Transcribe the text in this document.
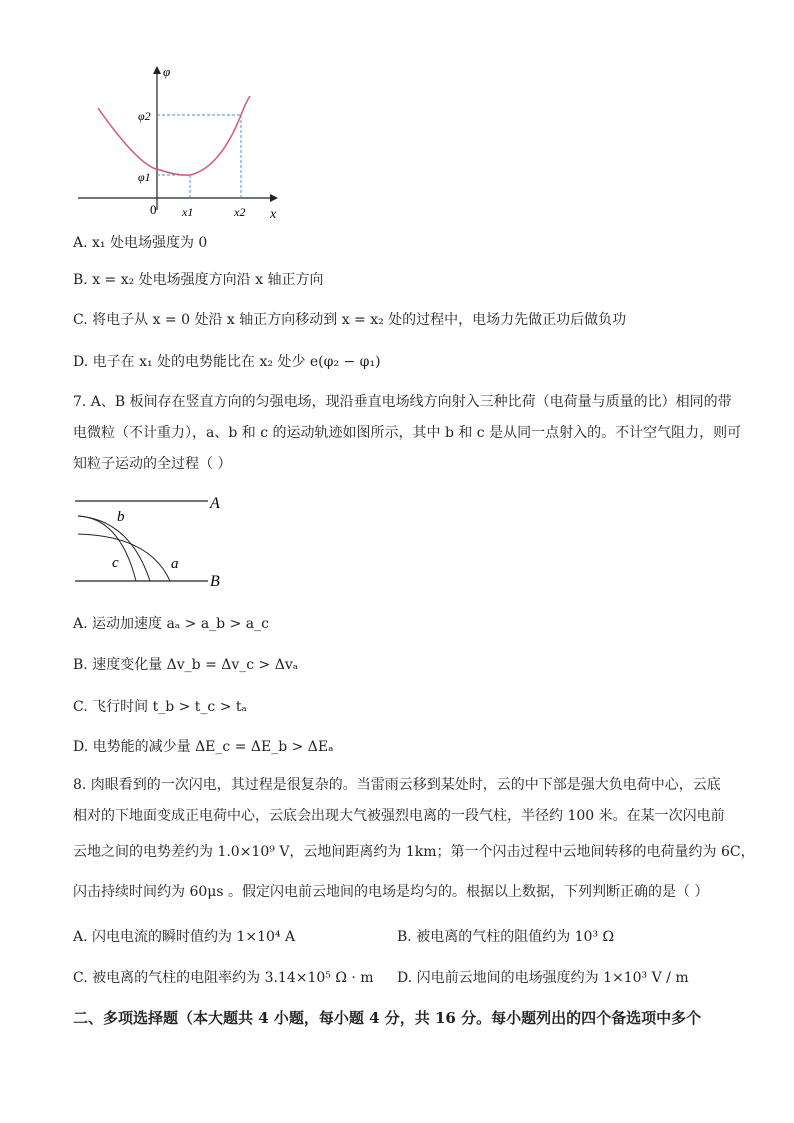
φ
x
φ2
φ1
0 x1	x2
A. x₁ 处电场强度为 0
B. x = x₂ 处电场强度方向沿 x 轴正方向
C. 将电子从 x = 0 处沿 x 轴正方向移动到 x = x₂ 处的过程中，电场力先做正功后做负功
D. 电子在 x₁ 处的电势能比在 x₂ 处少 e(φ₂ − φ₁)
7. A、B 板间存在竖直方向的匀强电场，现沿垂直电场线方向射入三种比荷（电荷量与质量的比）相同的带
电微粒（不计重力），a、b 和 c 的运动轨迹如图所示，其中 b 和 c 是从同一点射入的。不计空气阻力，则可
知粒子运动的全过程（ ）
A
B
b
c	a
A. 运动加速度 aₐ > a_b > a_c
B. 速度变化量 Δv_b = Δv_c > Δvₐ
C. 飞行时间 t_b > t_c > tₐ
D. 电势能的减少量 ΔE_c = ΔE_b > ΔEₐ
8. 肉眼看到的一次闪电，其过程是很复杂的。当雷雨云移到某处时，云的中下部是强大负电荷中心，云底
相对的下地面变成正电荷中心，云底会出现大气被强烈电离的一段气柱，半径约 100 米。在某一次闪电前
云地之间的电势差约为 1.0×10⁹ V，云地间距离约为 1km；第一个闪击过程中云地间转移的电荷量约为 6C，
闪击持续时间约为 60μs 。假定闪电前云地间的电场是均匀的。根据以上数据，下列判断正确的是（ ）
A. 闪电电流的瞬时值约为 1×10⁴ A	B. 被电离的气柱的阻值约为 10³ Ω
C. 被电离的气柱的电阻率约为 3.14×10⁵ Ω · m D. 闪电前云地间的电场强度约为 1×10³ V / m
二、多项选择题（本大题共 4 小题，每小题 4 分，共 16 分。每小题列出的四个备选项中多个
